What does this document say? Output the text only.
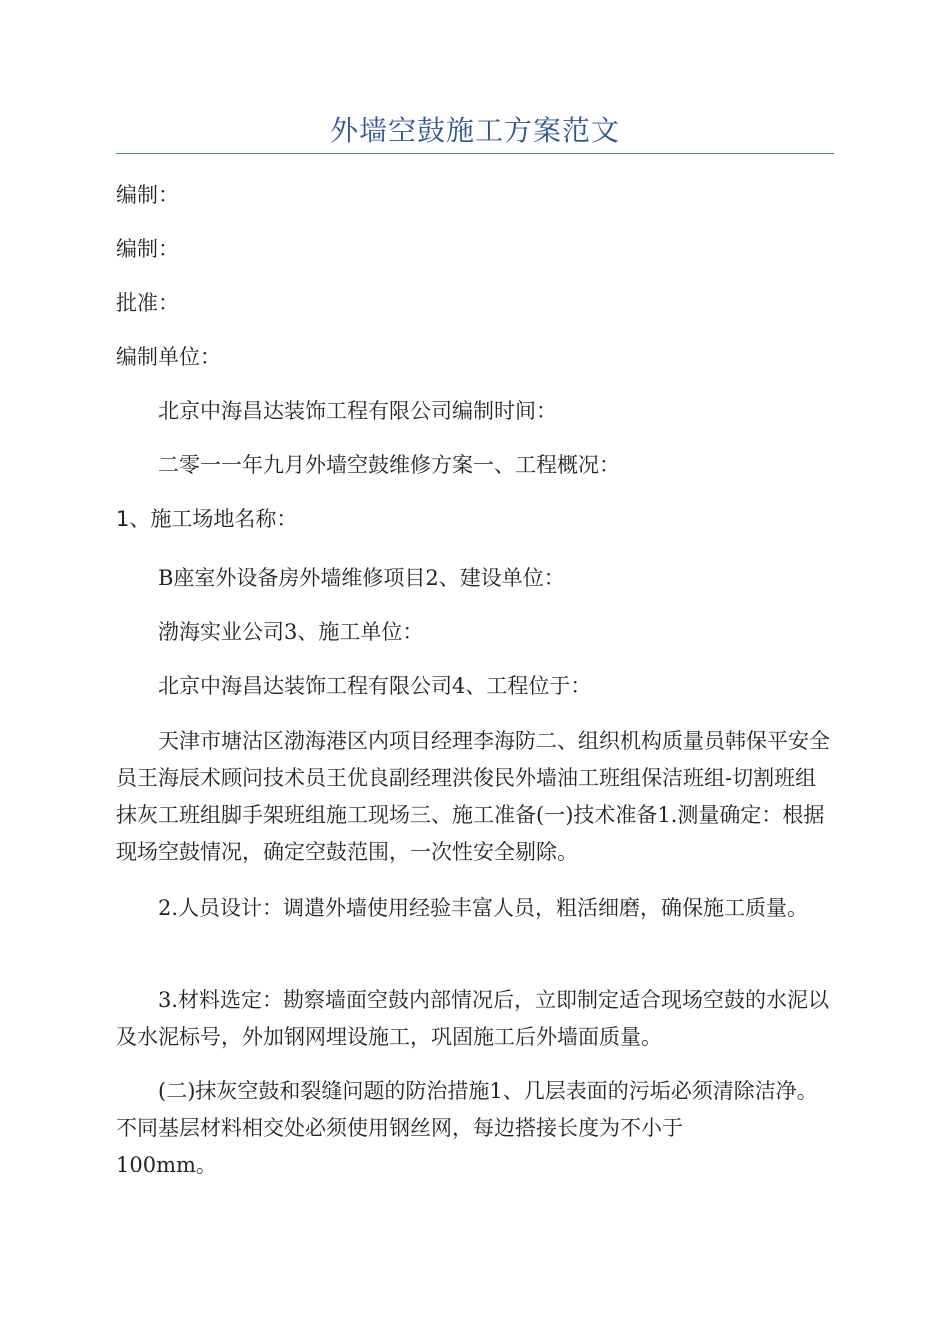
外墙空鼓施工方案范文

编制：

编制：

批准：

编制单位：

北京中海昌达装饰工程有限公司编制时间：

二零一一年九月外墙空鼓维修方案一、工程概况：

1、施工场地名称：

B座室外设备房外墙维修项目2、建设单位：

渤海实业公司3、施工单位：

北京中海昌达装饰工程有限公司4、工程位于：

天津市塘沽区渤海港区内项目经理李海防二、组织机构质量员韩保平安全员王海辰术顾问技术员王优良副经理洪俊民外墙油工班组保洁班组-切割班组抹灰工班组脚手架班组施工现场三、施工准备(一)技术准备1.测量确定：根据现场空鼓情况，确定空鼓范围，一次性安全剔除。

2.人员设计：调遣外墙使用经验丰富人员，粗活细磨，确保施工质量。

3.材料选定：勘察墙面空鼓内部情况后，立即制定适合现场空鼓的水泥以及水泥标号，外加钢网埋设施工，巩固施工后外墙面质量。

(二)抹灰空鼓和裂缝问题的防治措施1、几层表面的污垢必须清除洁净。不同基层材料相交处必须使用钢丝网，每边搭接长度为不小于

100mm。
